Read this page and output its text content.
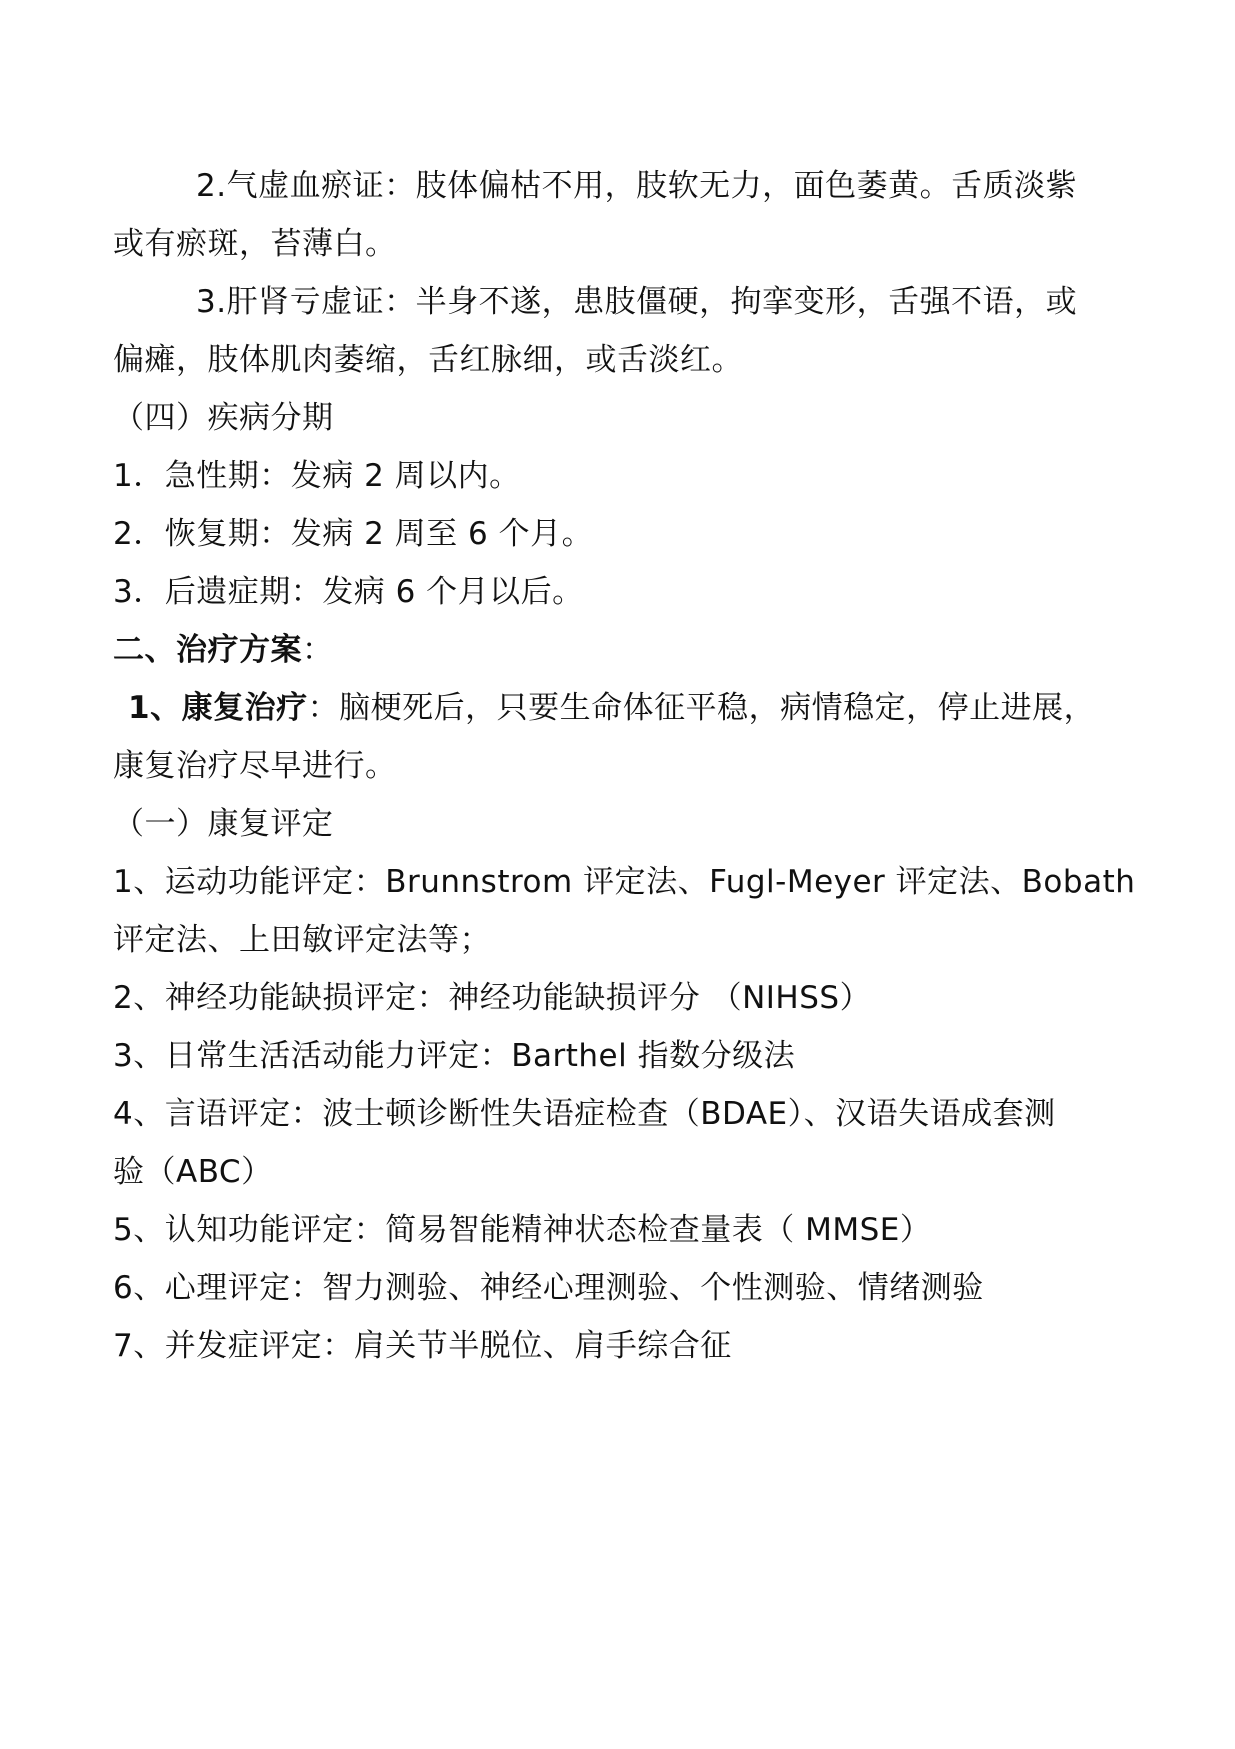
2.气虚血瘀证：肢体偏枯不用，肢软无力，面色萎黄。舌质淡紫
或有瘀斑，苔薄白。
3.肝肾亏虚证：半身不遂，患肢僵硬，拘挛变形，舌强不语，或
偏瘫，肢体肌肉萎缩，舌红脉细，或舌淡红。
（四）疾病分期
1．急性期：发病 2 周以内。
2．恢复期：发病 2 周至 6 个月。
3．后遗症期：发病 6 个月以后。
二、治疗方案：
1、康复治疗：脑梗死后，只要生命体征平稳，病情稳定，停止进展，
康复治疗尽早进行。
（一）康复评定
1、运动功能评定：Brunnstrom 评定法、Fugl-Meyer 评定法、Bobath
评定法、上田敏评定法等；
2、神经功能缺损评定：神经功能缺损评分 （NIHSS）
3、日常生活活动能力评定：Barthel 指数分级法
4、言语评定：波士顿诊断性失语症检查（BDAE）、汉语失语成套测
验（ABC）
5、认知功能评定：简易智能精神状态检查量表（ MMSE）
6、心理评定：智力测验、神经心理测验、个性测验、情绪测验
7、并发症评定：肩关节半脱位、肩手综合征
